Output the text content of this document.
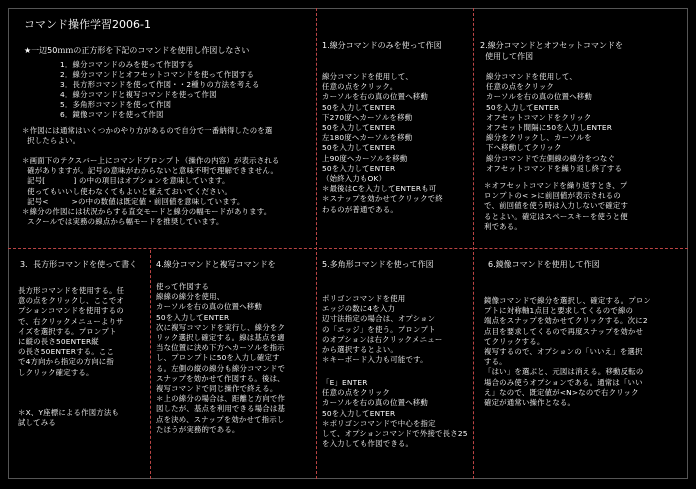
コマンド操作学習2006-1
★一辺50ｍｍの正方形を下記のコマンドを使用し作図しなさい
1．線分コマンドのみを使って作図する
2．線分コマンドとオフセットコマンドを使って作図する
3．長方形コマンドを使って作図・・2種りの方法を考える
4．線分コマンドと複写コマンドを使って作図
5．多角形コマンドを使って作図
6．鏡像コマンドを使って作図
＊作図には通常はいくつかのやり方があるので自分で一番納得したのを選
択したらよい。
＊画面下のテクスバー上にコマンドプロンプト（操作の内容）が表示される
確がありますが。記号の意味がわからないと意味不明で理解できません。
記号[           ] の中の項目はオプションを意味しています。
使ってもいいし使わなくてもよいと覚えておいてください。
記号<         >の中の数値は既定値・前回値を意味しています。
＊線分の作図には状況からする直交モードと線分の幅モードがあります。
スクールでは実務の線点から幅モードを推奨しています。
1.線分コマンドのみを使って作図
線分コマンドを使用して、
任意の点をクリック。
カーソルを右の真の位置へ移動
50を入力してENTER
下270度へカーソルを移動
50を入力してENTER
左180度へカーソルを移動
50を入力してENTER
上90度へカーソルを移動
50を入力してENTER
（始終入力もOK）
＊最後はCを入力してENTERも可
＊スナップを効かせてクリックで終
わるのが普通である。
2.線分コマンドとオフセットコマンドを
使用して作図
線分コマンドを使用して、
任意の点をクリック
カーソルを右の真の位置へ移動
50を入力してENTER
オフセットコマンドをクリック
オフセット間隔に50を入力しENTER
線分をクリックし、カーソルを
下へ移動してクリック
線分コマンドで左側線の線分をつなぐ
オフセットコマンドを繰り返し終了する
＊オフセットコマンドを繰り返すとき、プ
ロンプトの< >に前回値が表示されるの
で、前回値を使う時は入力しないで確定す
るとよい。確定はスペースキーを使うと便
利である。
3．長方形コマンドを使って書く
長方形コマンドを使用する。任
意の点をクリックし、ここでオ
プションコマンドを使用するの
で、右クリックメニューよりサ
イズを選択する。プロンプト
に縦の長さ50ENTER縦
の長さ50ENTERする。ここ
で4方向から指定の方向に指
しクリック確定する。
＊X、Y座標による作図方法も
試してみる
4.線分コマンドと複写コマンドを
使って作図する
線線の線分を使用、
カーソルを右の真の位置へ移動
50を入力してENTER
次に複写コマンドを実行し、線分をク
リック選択し確定する。線は基点を適
当な位置に決め下方へカーソルを指示
し、プロンプトに50を入力し確定す
る。左側の縦の線分も線分コマンドで
スナップを効かせて作図する。後は、
複写コマンドで同じ操作で終える。
＊上の線分の場合は、距離と方向で作
図したが、基点を利用できる場合は基
点を決め、スナップを効かせて指示し
たほうが実務的である。
5.多角形コマンドを使って作図
ポリゴンコマンドを使用
エッジの数に4を入力
辺寸法指定の場合は、オプション
の「エッジ」を使う。プロンプト
のオプションは右クリックメニュー
から選択するとよい。
＊キーボード入力も可能です。
「E」ENTER
任意の点をクリック
カーソルを右の真の位置へ移動
50を入力してENTER
＊ポリゴンコマンドで中心を指定
して、オプションコマンドで外接で長さ25
を入力しても作図できる。
6.鏡像コマンドを使用して作図
鏡像コマンドで線分を選択し、確定する。プロン
プトに対称軸1点目と要求してくるので線の
端点をスナップを効かせてクリックする。次に2
点目を要求してくるので再度スナップを効かせ
てクリックする。
複写するので、オプションの「いいえ」を選択
する。
「はい」を選ぶと、元図は消える。移動反転の
場合のみ使うオプションである。通常は「いい
え」なので、既定値が<N>なので右クリック
確定が通常い操作となる。
